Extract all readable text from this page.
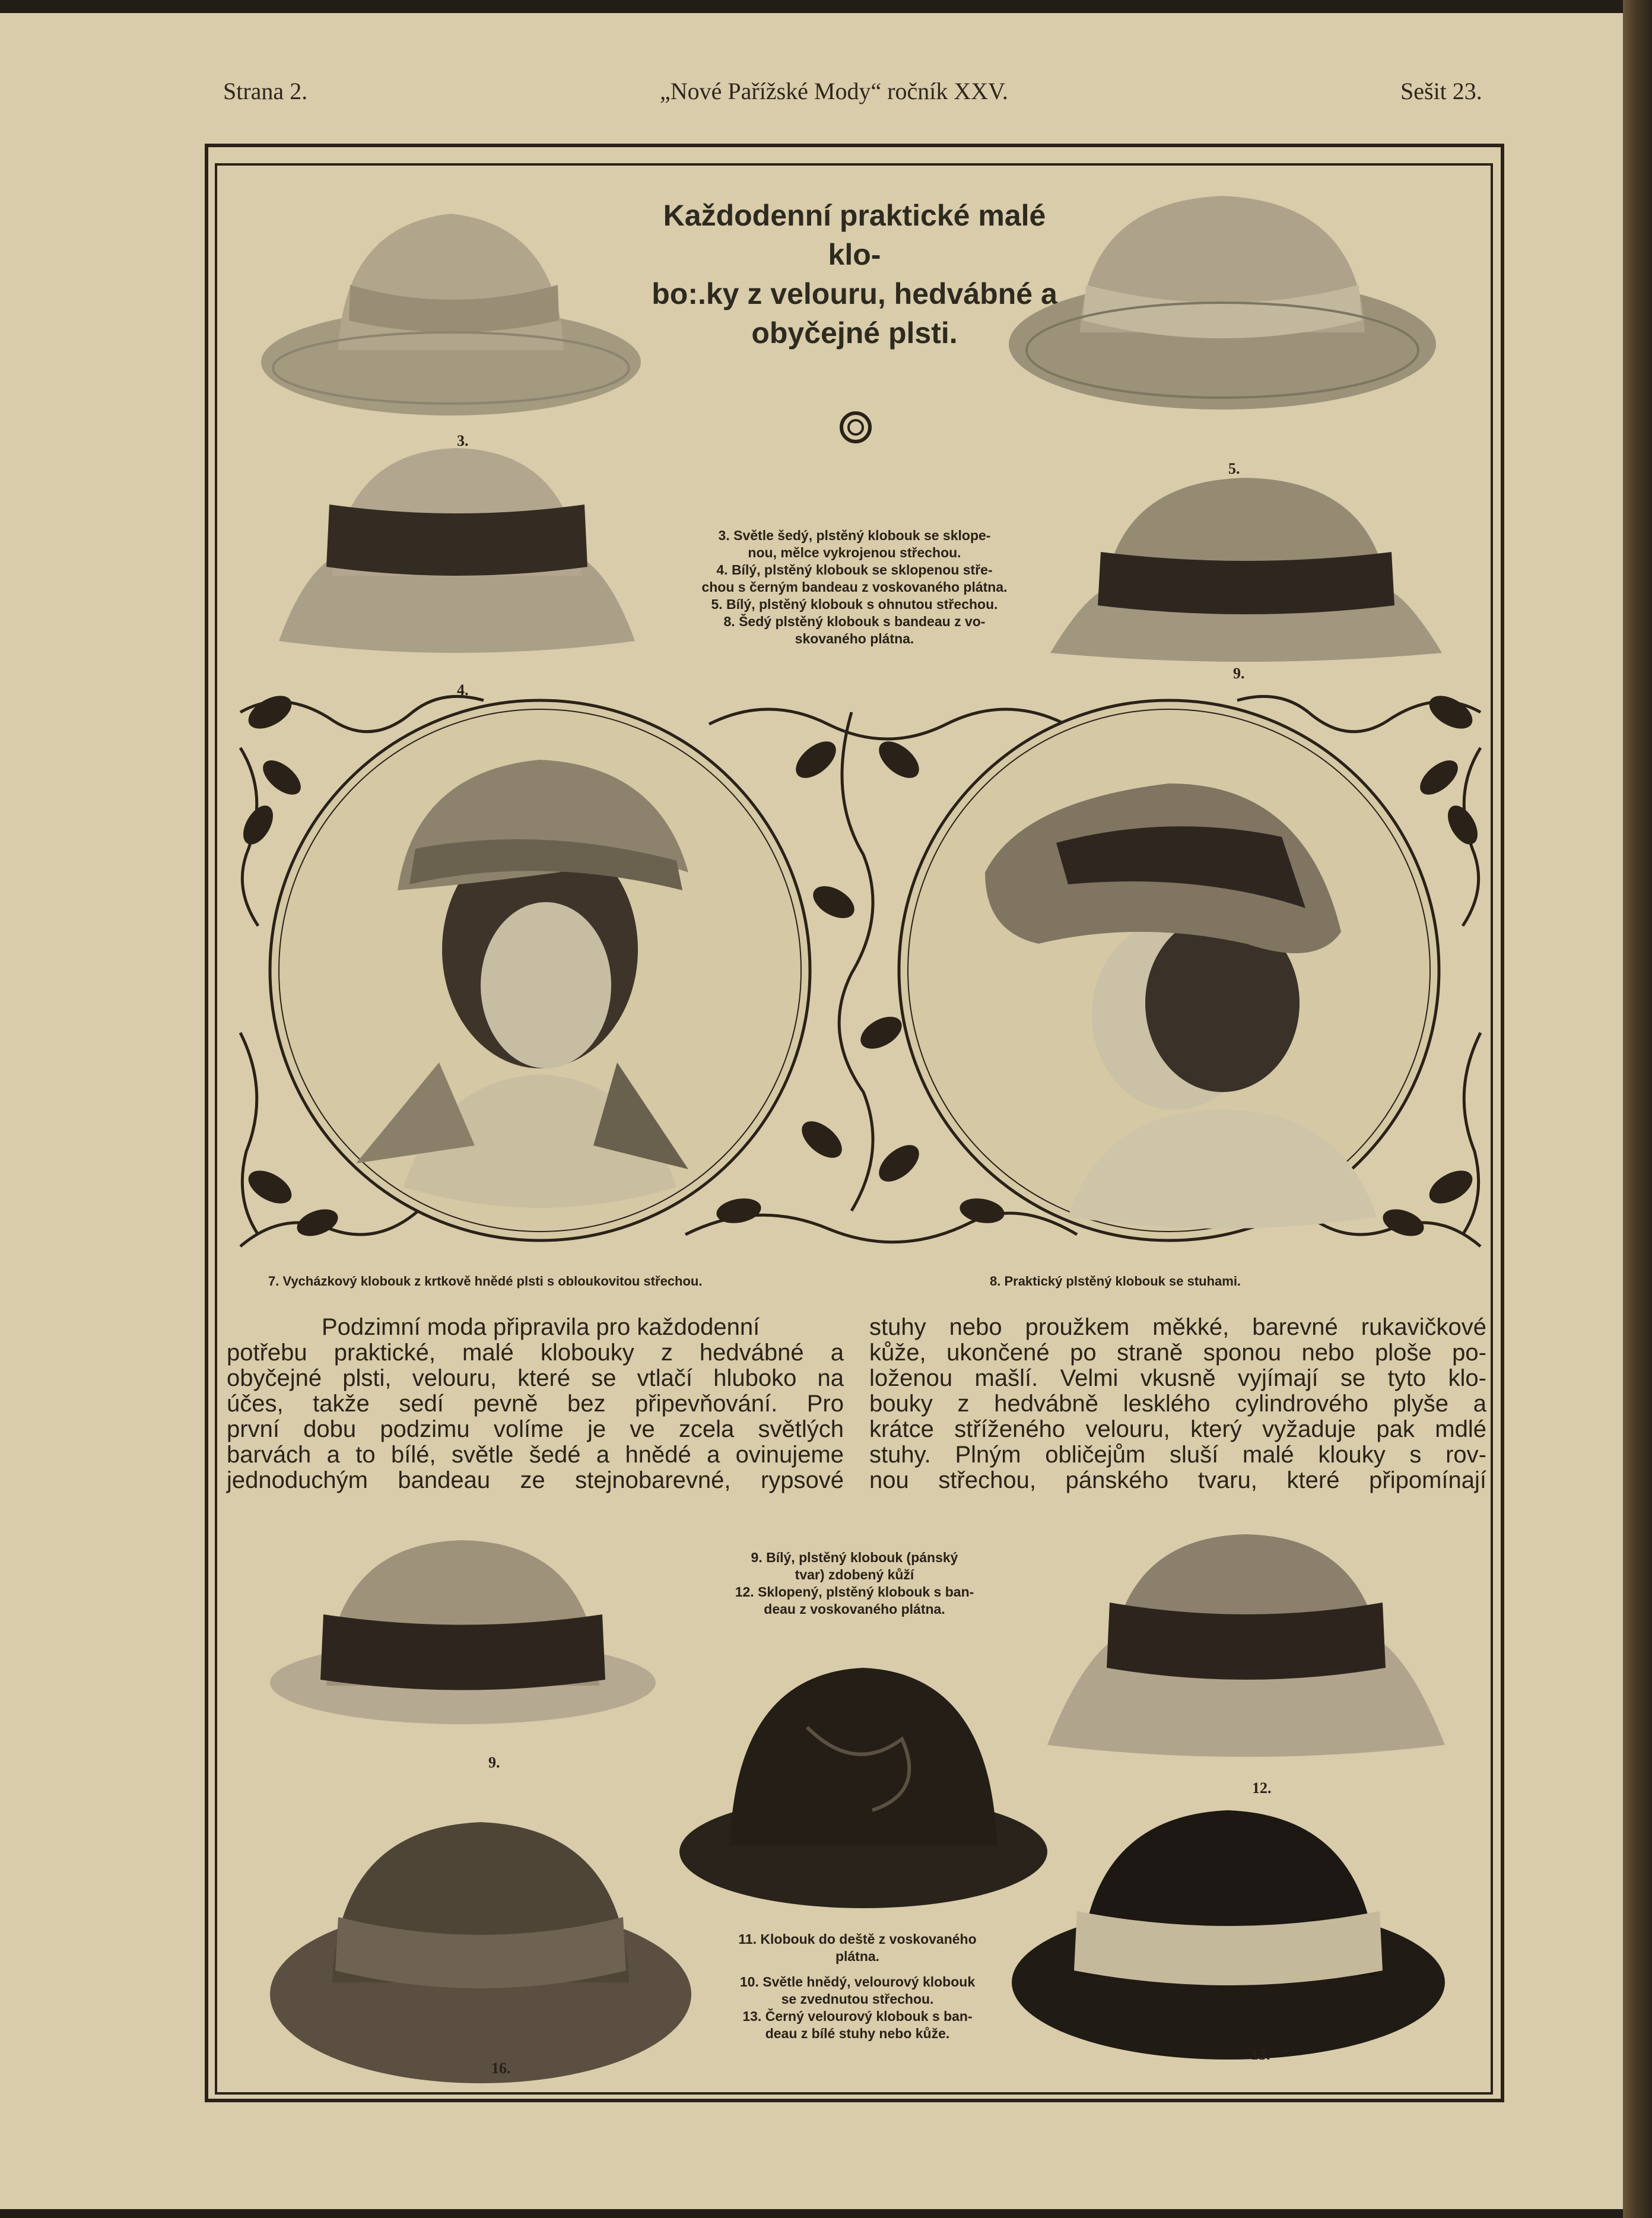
Strana 2.	„Nové Pařížské Mody“ ročník XXV.	Sešit 23.
Každodenní praktické malé klo-
bo:.ky z velouru, hedvábné a
obyčejné plsti.
3.
4.
5.
9.
3. Světle šedý, plstěný klobouk se sklope-
nou, mělce vykrojenou střechou.
4. Bílý, plstěný klobouk se sklopenou stře-
chou s černým bandeau z voskovaného plátna.
5. Bílý, plstěný klobouk s ohnutou střechou.
8. Šedý plstěný klobouk s bandeau z vo-
skovaného plátna.
7. Vycházkový klobouk z krtkově hnědé plsti s obloukovitou střechou.	8. Praktický plstěný klobouk se stuhami.
Podzimní moda připravila pro každodenní
potřebu praktické, malé klobouky z hedvábné a
obyčejné plsti, velouru, které se vtlačí hluboko na
účes, takže sedí pevně bez připevňování. Pro
první dobu podzimu volíme je ve zcela světlých
barvách a to bílé, světle šedé a hnědé a ovinujeme
jednoduchým bandeau ze stejnobarevné, rypsové
stuhy nebo proužkem měkké, barevné rukavičkové
kůže, ukončené po straně sponou nebo ploše po-
loženou mašlí. Velmi vkusně vyjímají se tyto klo-
bouky z hedvábně lesklého cylindrového plyše a
krátce stříženého velouru, který vyžaduje pak mdlé
stuhy. Plným obličejům sluší malé klouky s rov-
nou střechou, pánského tvaru, které připomínají
9.
12.
16.
13.
9. Bílý, plstěný klobouk (pánský
tvar) zdobený kůží
12. Sklopený, plstěný klobouk s ban-
deau z voskovaného plátna.
11. Klobouk do deště z voskovaného
plátna.
10. Světle hnědý, velourový klobouk
se zvednutou střechou.
13. Černý velourový klobouk s ban-
deau z bílé stuhy nebo kůže.
